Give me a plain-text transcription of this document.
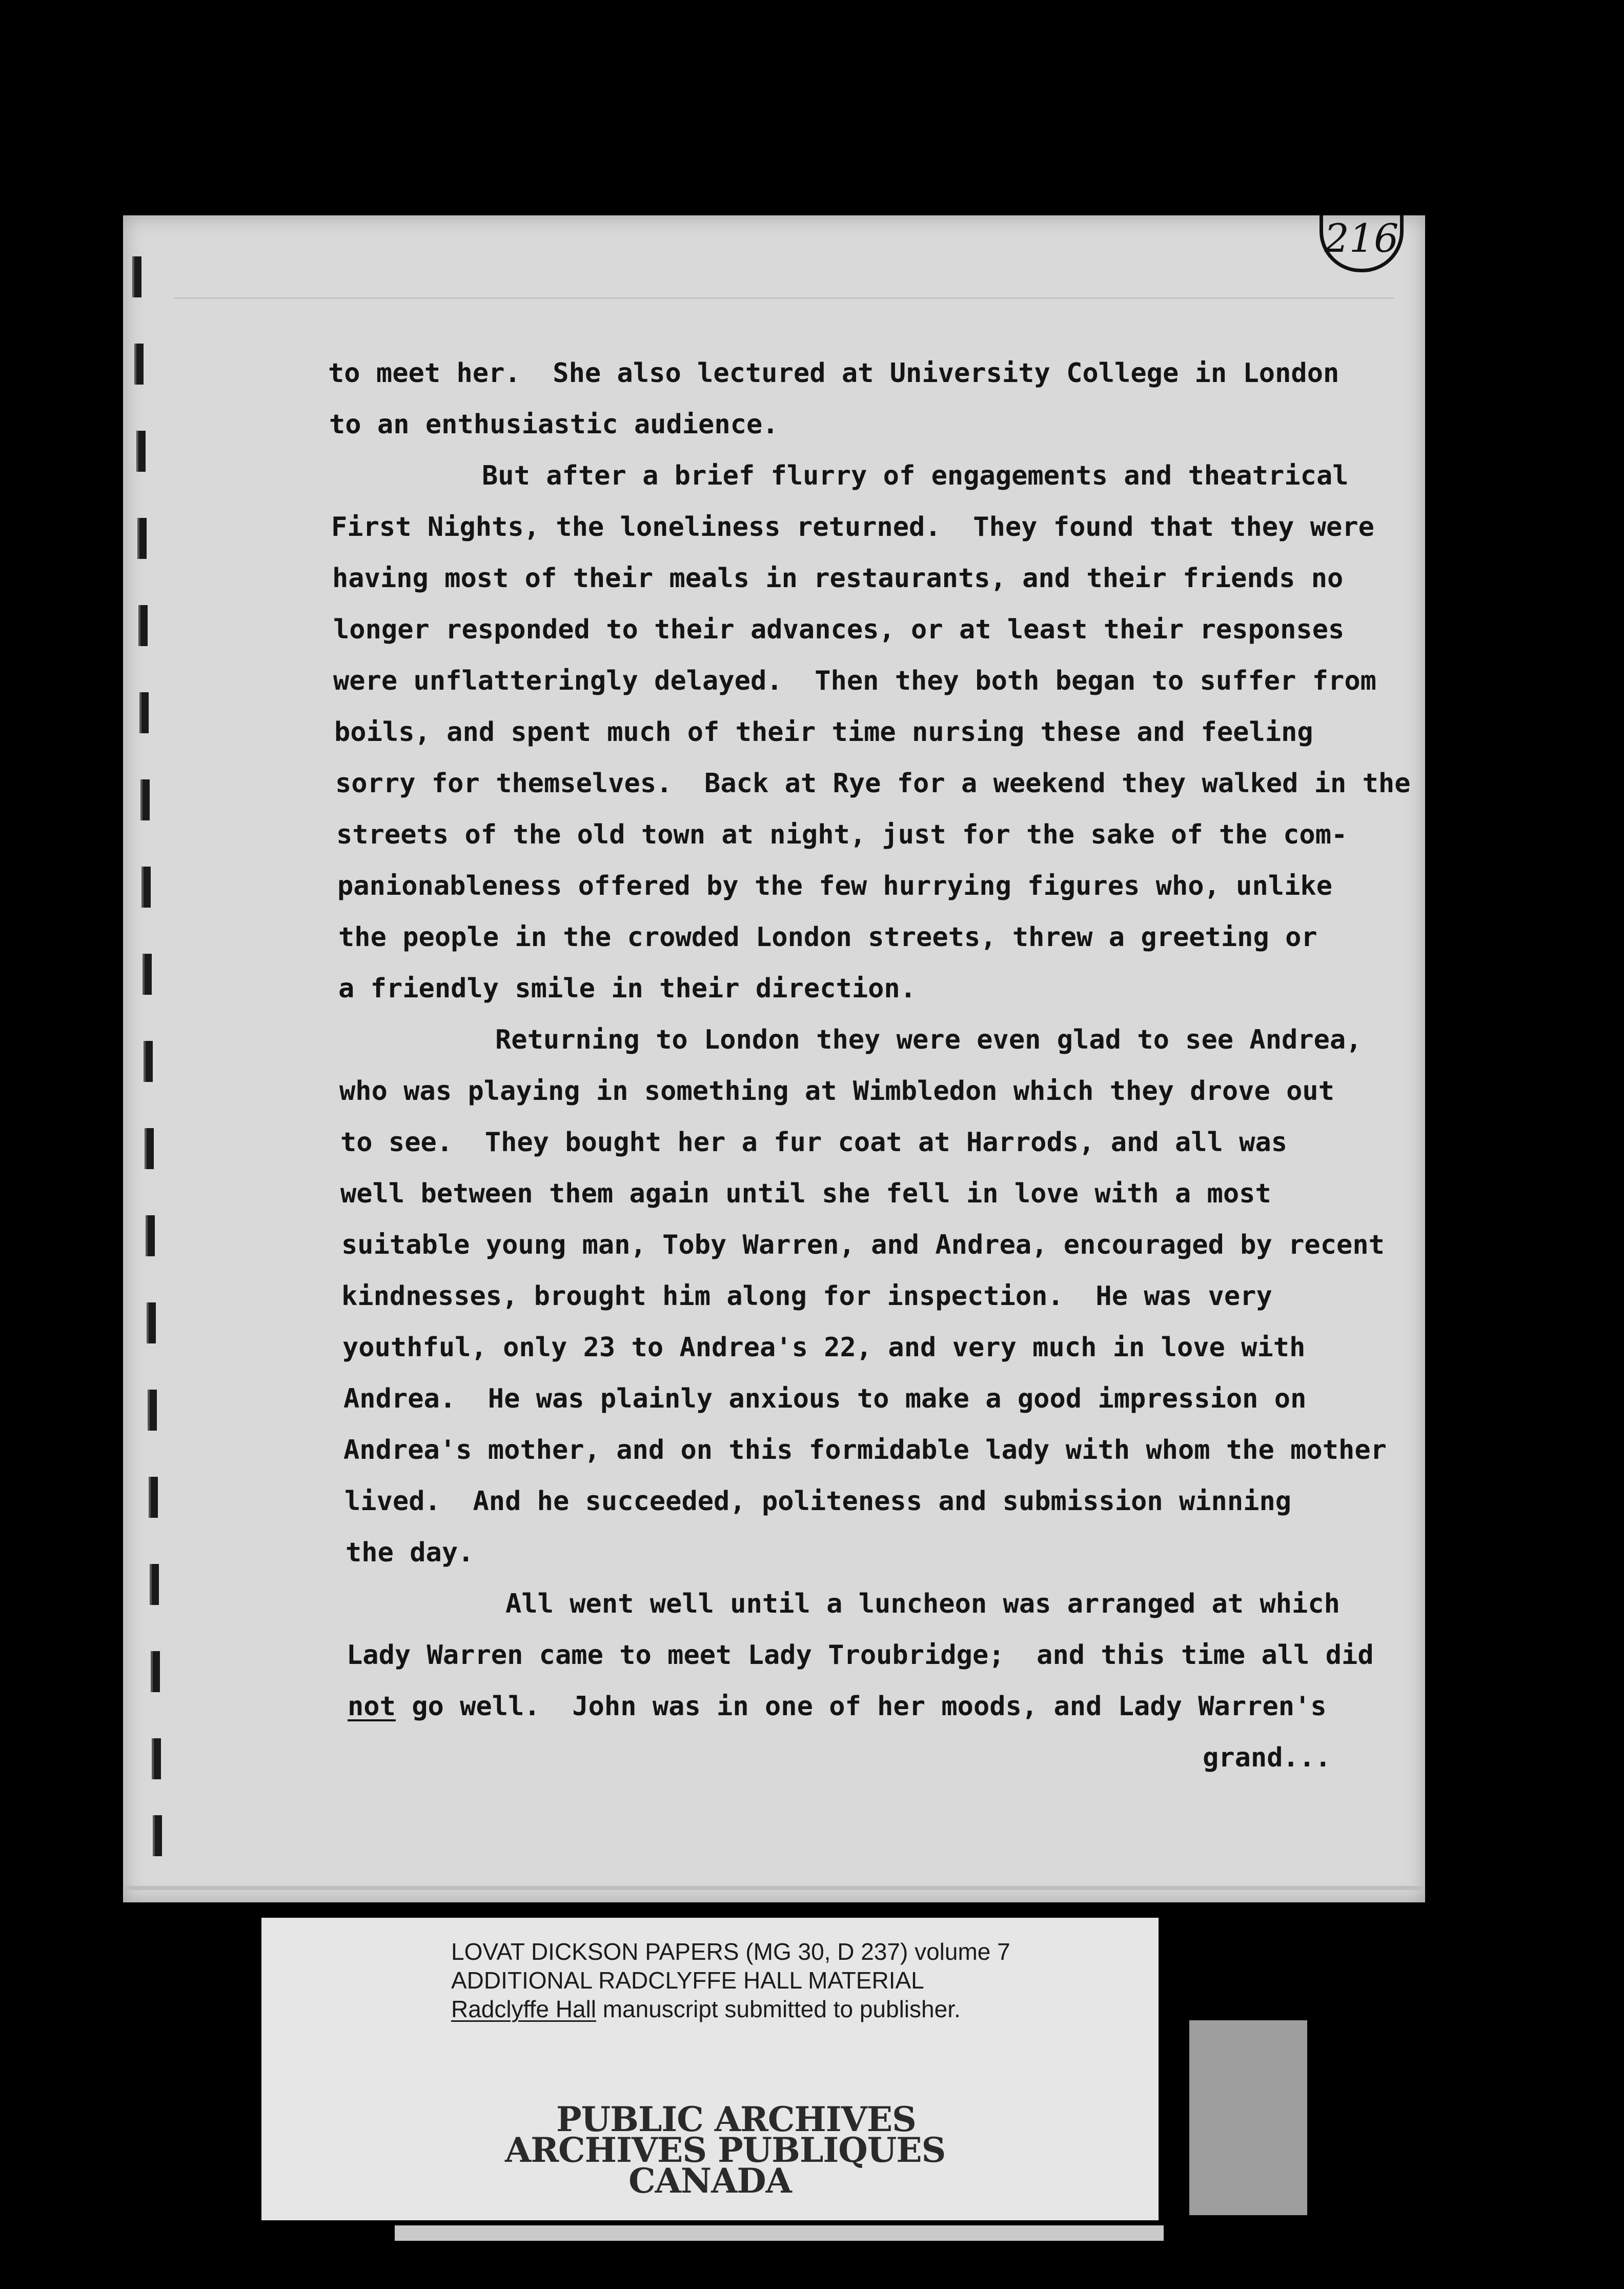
216
to meet her.  She also lectured at University College in London
to an enthusiastic audience.
But after a brief flurry of engagements and theatrical
First Nights, the loneliness returned.  They found that they were
having most of their meals in restaurants, and their friends no
longer responded to their advances, or at least their responses
were unflatteringly delayed.  Then they both began to suffer from
boils, and spent much of their time nursing these and feeling
sorry for themselves.  Back at Rye for a weekend they walked in the
streets of the old town at night, just for the sake of the com-
panionableness offered by the few hurrying figures who, unlike
the people in the crowded London streets, threw a greeting or
a friendly smile in their direction.
Returning to London they were even glad to see Andrea,
who was playing in something at Wimbledon which they drove out
to see.  They bought her a fur coat at Harrods, and all was
well between them again until she fell in love with a most
suitable young man, Toby Warren, and Andrea, encouraged by recent
kindnesses, brought him along for inspection.  He was very
youthful, only 23 to Andrea's 22, and very much in love with
Andrea.  He was plainly anxious to make a good impression on
Andrea's mother, and on this formidable lady with whom the mother
lived.  And he succeeded, politeness and submission winning
the day.
All went well until a luncheon was arranged at which
Lady Warren came to meet Lady Troubridge;  and this time all did
not go well.  John was in one of her moods, and Lady Warren's
grand...
LOVAT DICKSON PAPERS (MG 30, D 237) volume 7
ADDITIONAL RADCLYFFE HALL MATERIAL
Radclyffe Hall manuscript submitted to publisher.
PUBLIC ARCHIVES
ARCHIVES PUBLIQUES
CANADA
